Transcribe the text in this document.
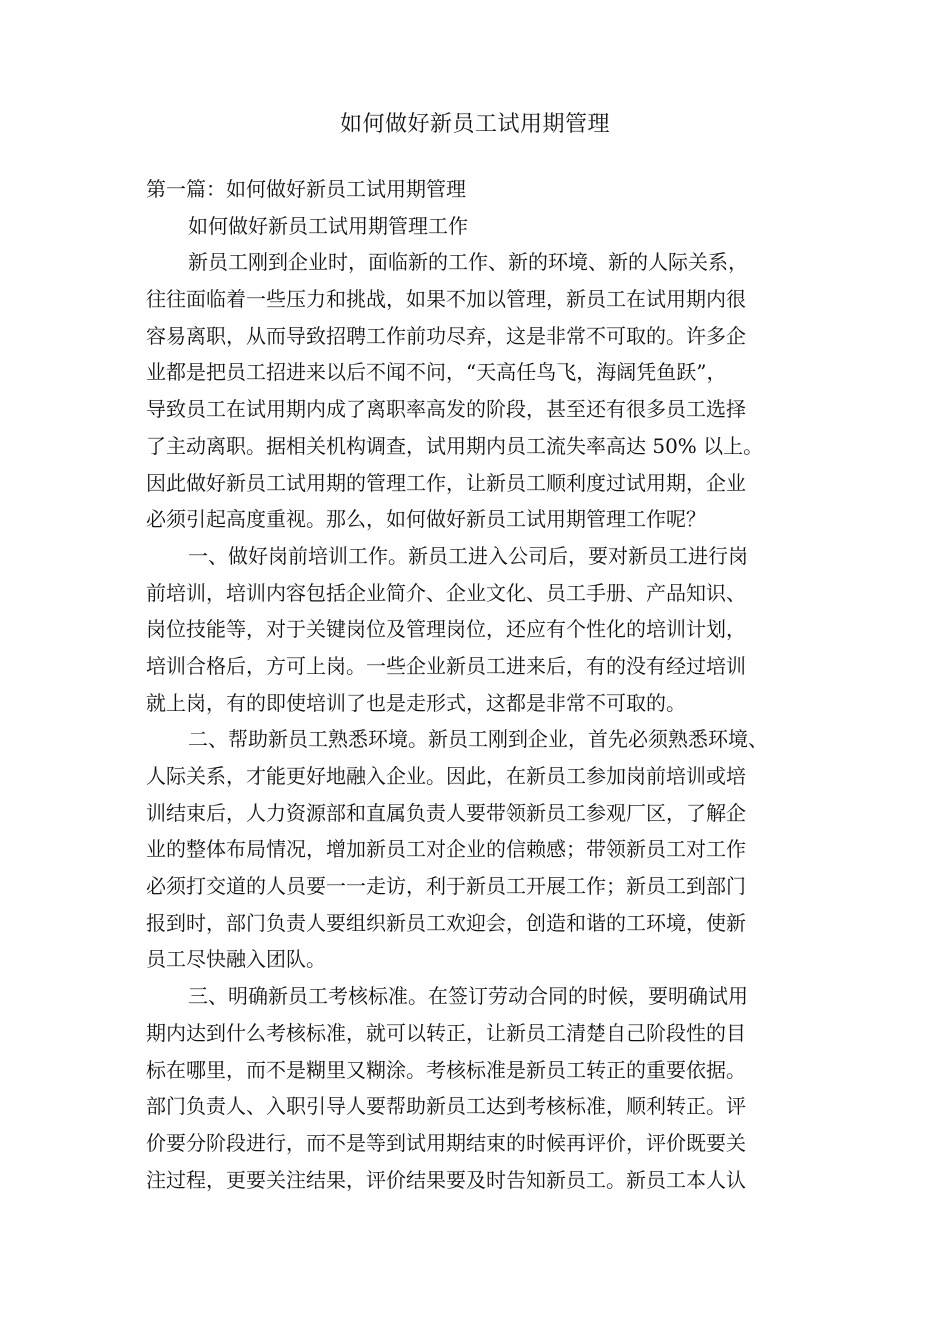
如何做好新员工试用期管理
第一篇：如何做好新员工试用期管理
如何做好新员工试用期管理工作
新员工刚到企业时，面临新的工作、新的环境、新的人际关系，
往往面临着一些压力和挑战，如果不加以管理，新员工在试用期内很
容易离职，从而导致招聘工作前功尽弃，这是非常不可取的。许多企
业都是把员工招进来以后不闻不问，“天高任鸟飞，海阔凭鱼跃”，
导致员工在试用期内成了离职率高发的阶段，甚至还有很多员工选择
了主动离职。据相关机构调查，试用期内员工流失率高达 50% 以上。
因此做好新员工试用期的管理工作，让新员工顺利度过试用期，企业
必须引起高度重视。那么，如何做好新员工试用期管理工作呢？
一、做好岗前培训工作。新员工进入公司后，要对新员工进行岗
前培训，培训内容包括企业简介、企业文化、员工手册、产品知识、
岗位技能等，对于关键岗位及管理岗位，还应有个性化的培训计划，
培训合格后，方可上岗。一些企业新员工进来后，有的没有经过培训
就上岗，有的即使培训了也是走形式，这都是非常不可取的。
二、帮助新员工熟悉环境。新员工刚到企业，首先必须熟悉环境、
人际关系，才能更好地融入企业。因此，在新员工参加岗前培训或培
训结束后，人力资源部和直属负责人要带领新员工参观厂区，了解企
业的整体布局情况，增加新员工对企业的信赖感；带领新员工对工作
必须打交道的人员要一一走访，利于新员工开展工作；新员工到部门
报到时，部门负责人要组织新员工欢迎会，创造和谐的工环境，使新
员工尽快融入团队。
三、明确新员工考核标准。在签订劳动合同的时候，要明确试用
期内达到什么考核标准，就可以转正，让新员工清楚自己阶段性的目
标在哪里，而不是糊里又糊涂。考核标准是新员工转正的重要依据。
部门负责人、入职引导人要帮助新员工达到考核标准，顺利转正。评
价要分阶段进行，而不是等到试用期结束的时候再评价，评价既要关
注过程，更要关注结果，评价结果要及时告知新员工。新员工本人认
